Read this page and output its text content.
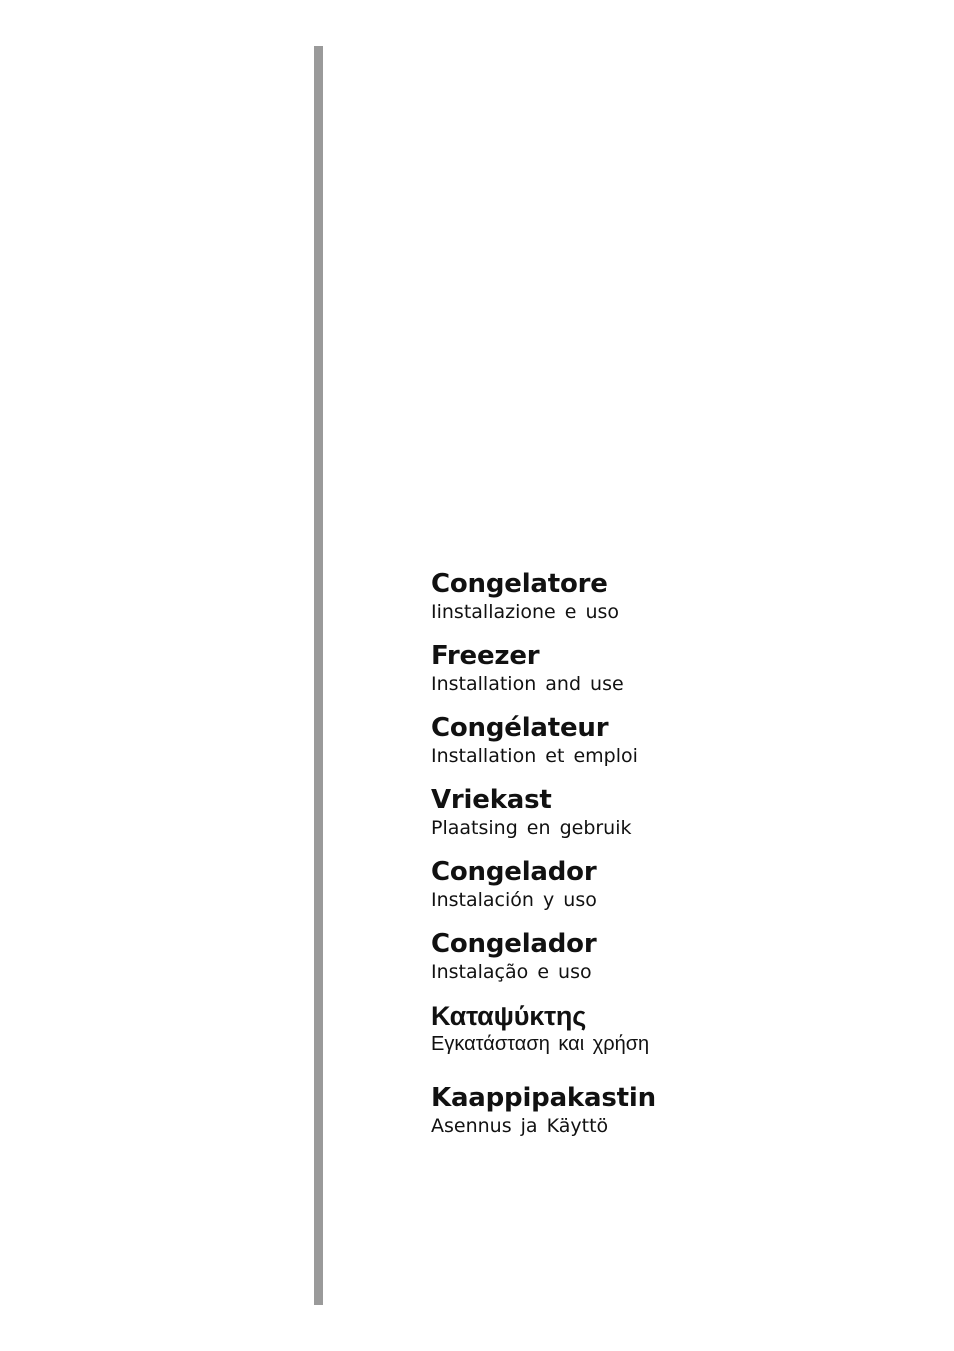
Congelatore
Iinstallazione e uso
Freezer
Installation and use
Congélateur
Installation et emploi
Vriekast
Plaatsing en gebruik
Congelador
Instalación y uso
Congelador
Instalação e uso
Καταψύκτης
Εγκατάσταση και χρήση
Kaappipakastin
Asennus ja Käyttö
